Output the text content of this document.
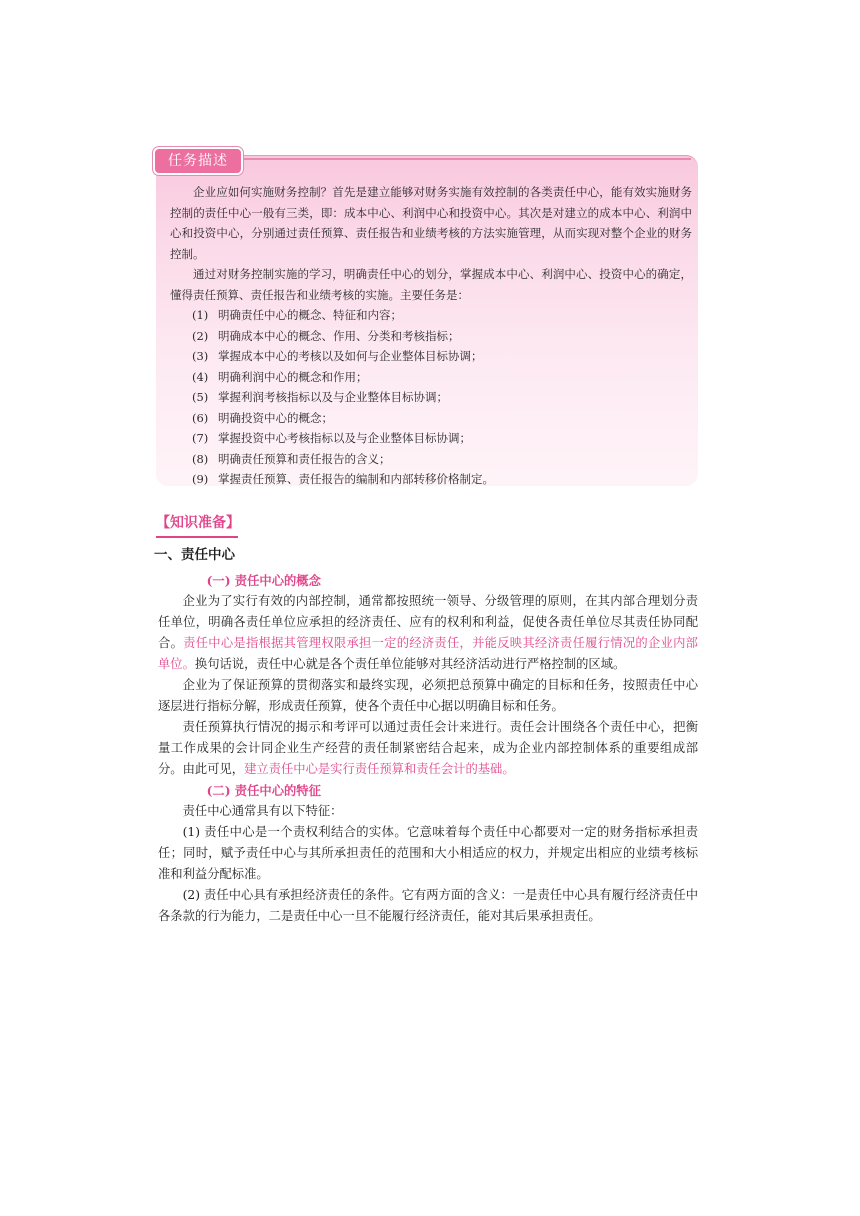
任务描述

企业应如何实施财务控制？首先是建立能够对财务实施有效控制的各类责任中心，能有效实施财务控制的责任中心一般有三类，即：成本中心、利润中心和投资中心。其次是对建立的成本中心、利润中心和投资中心，分别通过责任预算、责任报告和业绩考核的方法实施管理，从而实现对整个企业的财务控制。

通过对财务控制实施的学习，明确责任中心的划分，掌握成本中心、利润中心、投资中心的确定，懂得责任预算、责任报告和业绩考核的实施。主要任务是：

(1) 明确责任中心的概念、特征和内容；
(2) 明确成本中心的概念、作用、分类和考核指标；
(3) 掌握成本中心的考核以及如何与企业整体目标协调；
(4) 明确利润中心的概念和作用；
(5) 掌握利润考核指标以及与企业整体目标协调；
(6) 明确投资中心的概念；
(7) 掌握投资中心考核指标以及与企业整体目标协调；
(8) 明确责任预算和责任报告的含义；
(9) 掌握责任预算、责任报告的编制和内部转移价格制定。
【知识准备】
一、责任中心

(一) 责任中心的概念

企业为了实行有效的内部控制，通常都按照统一领导、分级管理的原则，在其内部合理划分责任单位，明确各责任单位应承担的经济责任、应有的权利和利益，促使各责任单位尽其责任协同配合。责任中心是指根据其管理权限承担一定的经济责任，并能反映其经济责任履行情况的企业内部单位。换句话说，责任中心就是各个责任单位能够对其经济活动进行严格控制的区域。

企业为了保证预算的贯彻落实和最终实现，必须把总预算中确定的目标和任务，按照责任中心逐层进行指标分解，形成责任预算，使各个责任中心据以明确目标和任务。

责任预算执行情况的揭示和考评可以通过责任会计来进行。责任会计围绕各个责任中心，把衡量工作成果的会计同企业生产经营的责任制紧密结合起来，成为企业内部控制体系的重要组成部分。由此可见，建立责任中心是实行责任预算和责任会计的基础。

(二) 责任中心的特征

责任中心通常具有以下特征：

(1) 责任中心是一个责权利结合的实体。它意味着每个责任中心都要对一定的财务指标承担责任；同时，赋予责任中心与其所承担责任的范围和大小相适应的权力，并规定出相应的业绩考核标准和利益分配标准。

(2) 责任中心具有承担经济责任的条件。它有两方面的含义：一是责任中心具有履行经济责任中各条款的行为能力，二是责任中心一旦不能履行经济责任，能对其后果承担责任。
